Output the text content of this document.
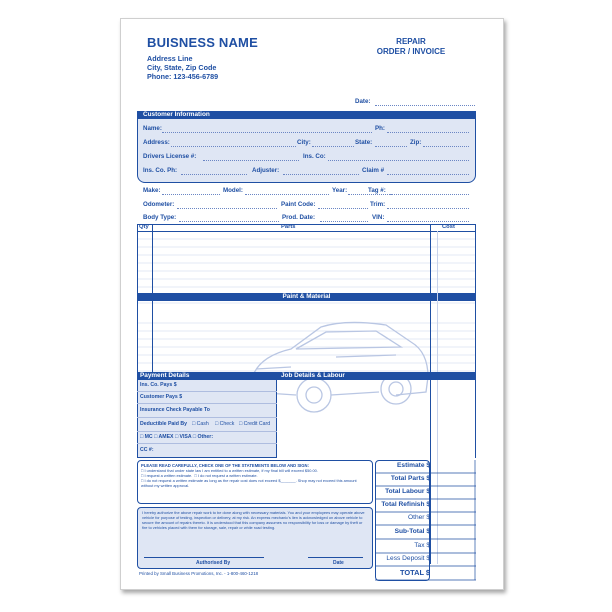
BUISNESS NAME
Address Line
City, State, Zip Code
Phone: 123-456-6789
REPAIR
ORDER / INVOICE
Date:
Customer Information
Name:	Ph:
Address:	City:	State:	Zip:
Drivers License #:	Ins. Co:
Ins. Co. Ph:	Adjuster:	Claim #
Make:	Model:	Year:	Tag #:
Odometer:	Paint Code:	Trim:
Body Type:	Prod. Date:	VIN:
Qty	Parts	Cost
Paint & Material
Payment Details	Job Details & Labour
Ins. Co. Pays $
Customer Pays $
Insurance Check Payable To
Deductible Paid By □ Cash □ Check □ Credit Card
□ MC □ AMEX □ VISA □ Other:
CC #:
PLEASE READ CAREFULLY, CHECK ONE OF THE STATEMENTS BELOW AND SIGN:
□ I understand that under state law I am entitled to a written estimate, if my final bill will exceed $50.00.
□ I request a written estimate. □ I do not request a written estimate.
□ I do not request a written estimate as long as the repair cost does not exceed $_______. Shop may not exceed this amount without my written approval.
I hereby authorize the above repair work to be done along with necessary materials. You and your employees may operate above vehicle for purpose of testing, inspection or delivery, at my risk. An express mechanic's lien is acknowledged on above vehicle to secure the amount of repairs thereto. It is understood that this company assumes no responsibility for loss or damage by theft or fire to vehicles placed with them for storage, sale, repair or while road testing.
Authorised By	Date
Printed by Small Business Promotions, Inc. - 1-800-460-1218
Estimate $
Total Parts $
Total Labour $
Total Refinish $
Other $
Sub-Total $
Tax $
Less Deposit $
TOTAL $
